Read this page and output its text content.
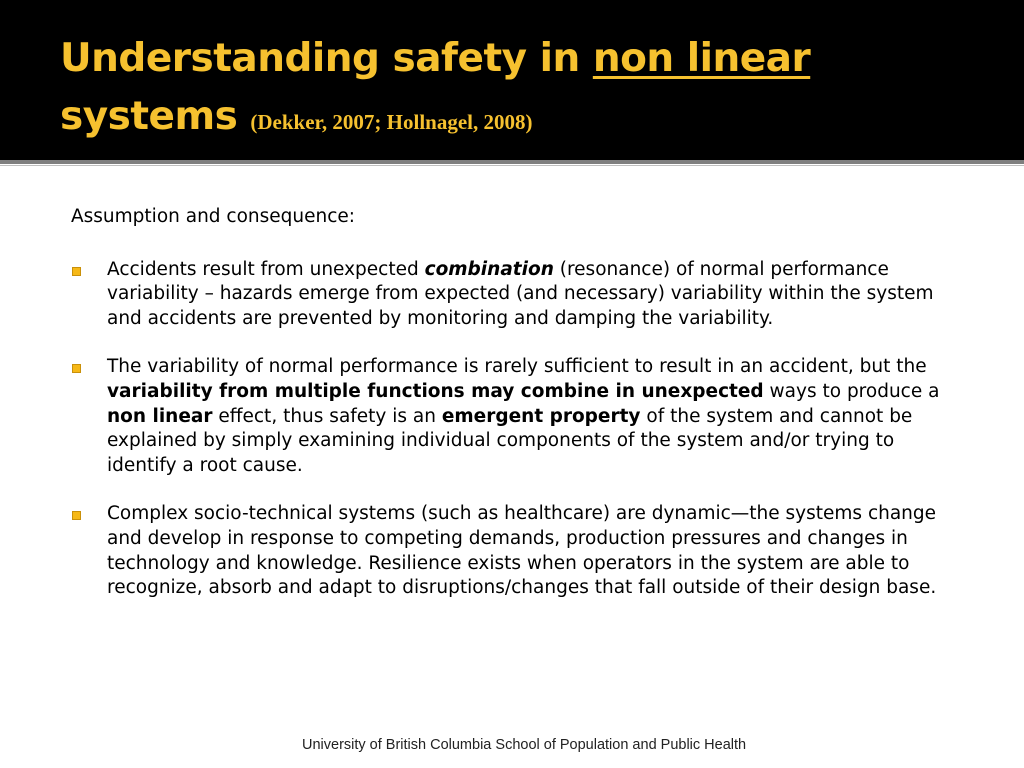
Understanding safety in non linear
systems (Dekker, 2007; Hollnagel, 2008)

Assumption and consequence:

Accidents result from unexpected combination (resonance) of normal performance variability – hazards emerge from expected (and necessary) variability within the system and accidents are prevented by monitoring and damping the variability.

The variability of normal performance is rarely sufficient to result in an accident, but the variability from multiple functions may combine in unexpected ways to produce a non linear effect, thus safety is an emergent property of the system and cannot be explained by simply examining individual components of the system and/or trying to identify a root cause.

Complex socio-technical systems (such as healthcare) are dynamic—the systems change and develop in response to competing demands, production pressures and changes in technology and knowledge. Resilience exists when operators in the system are able to recognize, absorb and adapt to disruptions/changes that fall outside of their design base.

University of British Columbia School of Population and Public Health
